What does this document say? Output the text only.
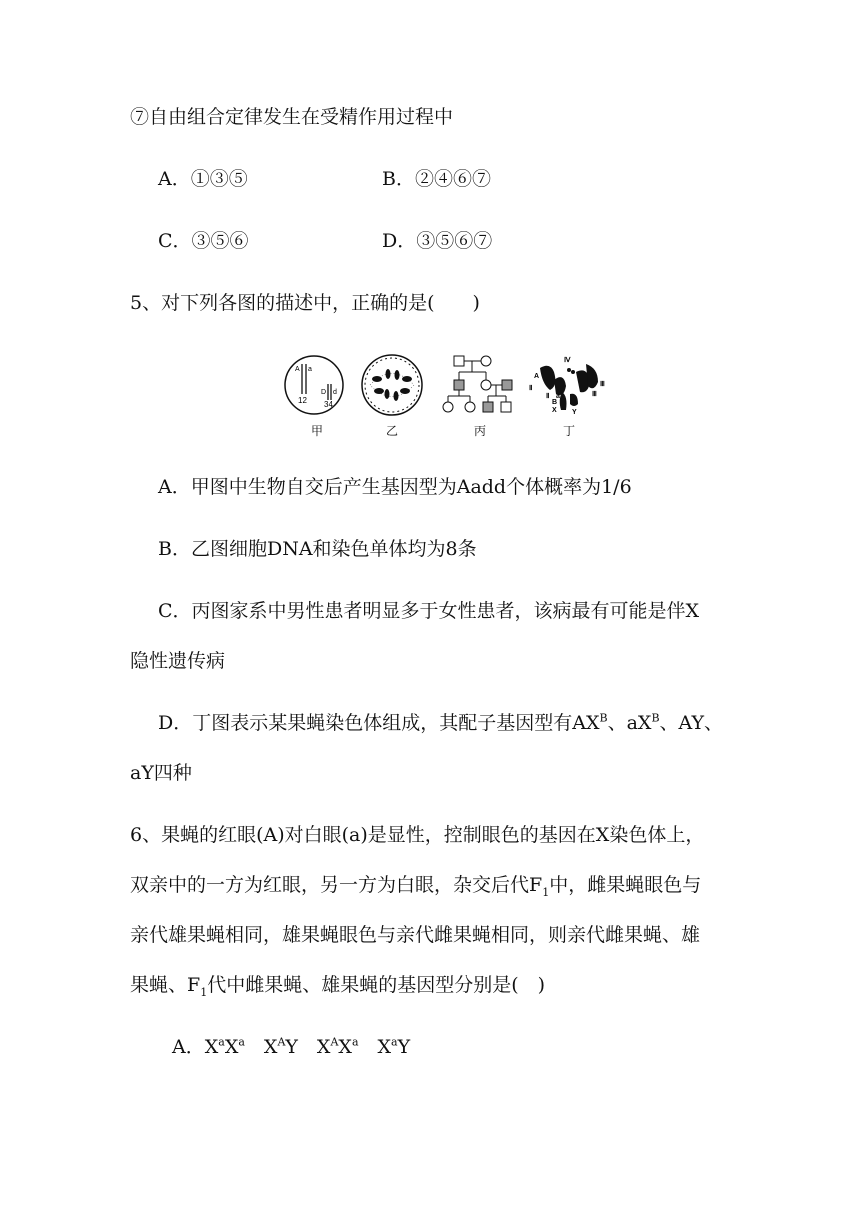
⑦自由组合定律发生在受精作用过程中
A．①③⑤	B．②④⑥⑦
C．③⑤⑥	D．③⑤⑥⑦
5、对下列各图的描述中，正确的是(　　)
A a
12
D d
34
甲	乙	丙
Ⅳ
A
Ⅱ
Ⅱ a
B
X Y
Ⅲ
Ⅲ
丁
A．甲图中生物自交后产生基因型为Aadd个体概率为1/6
B．乙图细胞DNA和染色单体均为8条
C．丙图家系中男性患者明显多于女性患者，该病最有可能是伴X
隐性遗传病
D．丁图表示某果蝇染色体组成，其配子基因型有$AX^B$、$aX^B$、AY、
aY四种
6、果蝇的红眼(A)对白眼(a)是显性，控制眼色的基因在X染色体上，
双亲中的一方为红眼，另一方为白眼，杂交后代$F_1$中，雌果蝇眼色与
亲代雄果蝇相同，雄果蝇眼色与亲代雌果蝇相同，则亲代雌果蝇、雄
果蝇、$F_1$代中雌果蝇、雄果蝇的基因型分别是(　)
A．$X^aX^a$　$X^AY$　$X^AX^a$　$X^aY$
